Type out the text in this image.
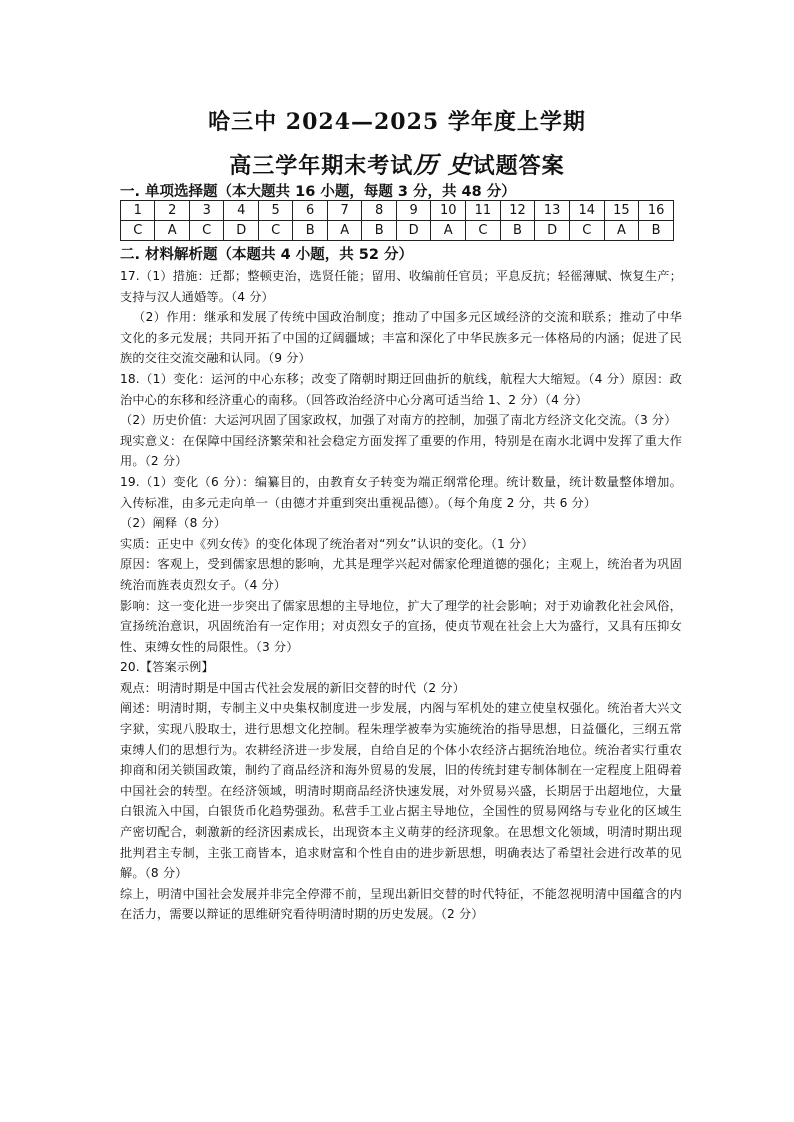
哈三中 2024—2025 学年度上学期
高三学年期末考试历 史试题答案
一. 单项选择题（本大题共 16 小题，每题 3 分，共 48 分）
1	2	3	4	5	6	7	8	9	10	11	12	13	14	15	16
C	A	C	D	C	B	A	B	D	A	C	B	D	C	A	B
二. 材料解析题（本题共 4 小题，共 52 分）

17.（1）措施：迁都；整顿吏治，选贤任能；留用、收编前任官员；平息反抗；轻徭薄赋、恢复生产；支持与汉人通婚等。（4 分）

（2）作用：继承和发展了传统中国政治制度；推动了中国多元区域经济的交流和联系；推动了中华文化的多元发展；共同开拓了中国的辽阔疆域；丰富和深化了中华民族多元一体格局的内涵；促进了民族的交往交流交融和认同。（9 分）

18.（1）变化：运河的中心东移；改变了隋朝时期迂回曲折的航线，航程大大缩短。（4 分）原因：政治中心的东移和经济重心的南移。（回答政治经济中心分离可适当给 1、2 分）（4 分）

（2）历史价值：大运河巩固了国家政权，加强了对南方的控制，加强了南北方经济文化交流。（3 分）

现实意义：在保障中国经济繁荣和社会稳定方面发挥了重要的作用，特别是在南水北调中发挥了重大作用。（2 分）

19.（1）变化（6 分）：编纂目的，由教育女子转变为端正纲常伦理。统计数量，统计数量整体增加。入传标准，由多元走向单一（由德才并重到突出重视品德）。（每个角度 2 分，共 6 分）

（2）阐释（8 分）

实质：正史中《列女传》的变化体现了统治者对“列女”认识的变化。（1 分）

原因：客观上，受到儒家思想的影响，尤其是理学兴起对儒家伦理道德的强化；主观上，统治者为巩固统治而旌表贞烈女子。（4 分）

影响：这一变化进一步突出了儒家思想的主导地位，扩大了理学的社会影响；对于劝谕教化社会风俗，宣扬统治意识，巩固统治有一定作用；对贞烈女子的宣扬，使贞节观在社会上大为盛行，又具有压抑女性、束缚女性的局限性。（3 分）

20.【答案示例】

观点：明清时期是中国古代社会发展的新旧交替的时代（2 分）

阐述：明清时期，专制主义中央集权制度进一步发展，内阁与军机处的建立使皇权强化。统治者大兴文字狱，实现八股取士，进行思想文化控制。程朱理学被奉为实施统治的指导思想，日益僵化，三纲五常束缚人们的思想行为。农耕经济进一步发展，自给自足的个体小农经济占据统治地位。统治者实行重农抑商和闭关锁国政策，制约了商品经济和海外贸易的发展，旧的传统封建专制体制在一定程度上阻碍着中国社会的转型。在经济领域，明清时期商品经济快速发展，对外贸易兴盛，长期居于出超地位，大量白银流入中国，白银货币化趋势强劲。私营手工业占据主导地位，全国性的贸易网络与专业化的区域生产密切配合，刺激新的经济因素成长，出现资本主义萌芽的经济现象。在思想文化领域，明清时期出现批判君主专制，主张工商皆本，追求财富和个性自由的进步新思想，明确表达了希望社会进行改革的见解。（8 分）

综上，明清中国社会发展并非完全停滞不前，呈现出新旧交替的时代特征，不能忽视明清中国蕴含的内在活力，需要以辩证的思维研究看待明清时期的历史发展。（2 分）
